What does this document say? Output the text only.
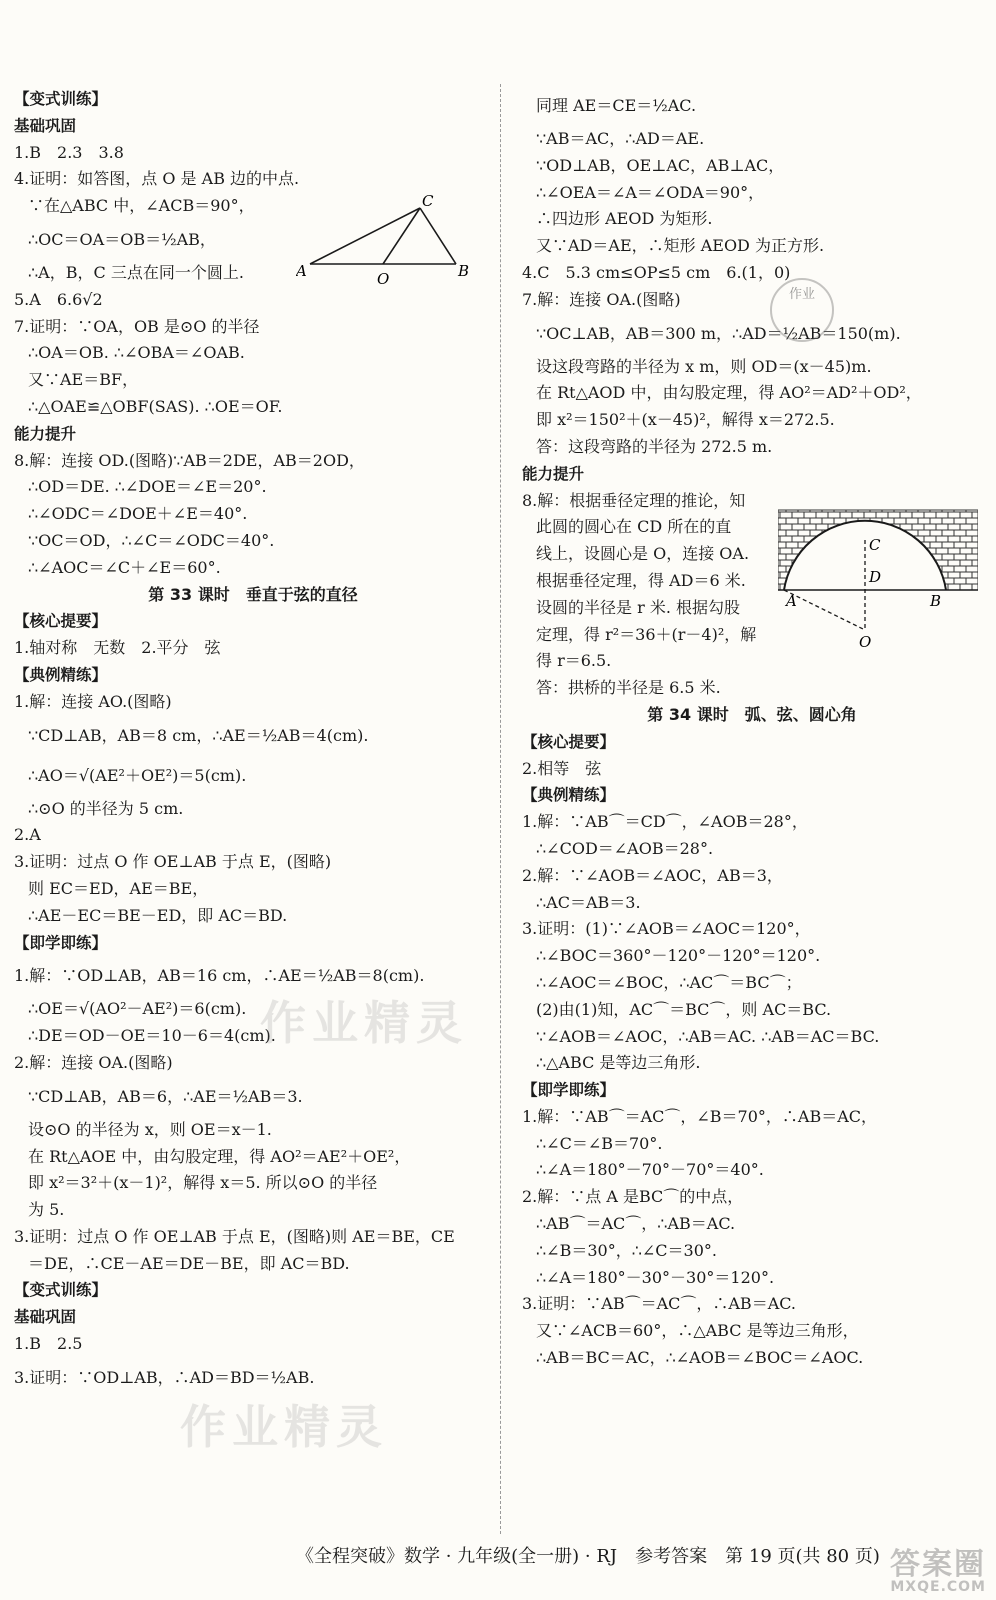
【变式训练】
基础巩固
1.B　2.3　3.8
4.证明：如答图，点 O 是 AB 边的中点.
∵在△ABC 中，∠ACB＝90°，
∴OC＝OA＝OB＝½AB，
∴A，B，C 三点在同一个圆上.
5.A　6.6√2
7.证明：∵OA，OB 是⊙O 的半径
∴OA＝OB. ∴∠OBA＝∠OAB.
又∵AE＝BF，
∴△OAE≌△OBF(SAS). ∴OE＝OF.
能力提升
8.解：连接 OD.(图略)∵AB＝2DE，AB＝2OD，
∴OD＝DE. ∴∠DOE＝∠E＝20°.
∴∠ODC＝∠DOE＋∠E＝40°.
∵OC＝OD，∴∠C＝∠ODC＝40°.
∴∠AOC＝∠C＋∠E＝60°.
第 33 课时　垂直于弦的直径
【核心提要】
1.轴对称　无数　2.平分　弦
【典例精练】
1.解：连接 AO.(图略)
∵CD⊥AB，AB＝8 cm，∴AE＝½AB＝4(cm).
∴AO＝√(AE²＋OE²)＝5(cm).
∴⊙O 的半径为 5 cm.
2.A
3.证明：过点 O 作 OE⊥AB 于点 E，(图略)
则 EC＝ED，AE＝BE，
∴AE－EC＝BE－ED，即 AC＝BD.
【即学即练】
1.解：∵OD⊥AB，AB＝16 cm，∴AE＝½AB＝8(cm).
∴OE＝√(AO²－AE²)＝6(cm).
∴DE＝OD－OE＝10－6＝4(cm).
2.解：连接 OA.(图略)
∵CD⊥AB，AB＝6，∴AE＝½AB＝3.
设⊙O 的半径为 x，则 OE＝x－1.
在 Rt△AOE 中，由勾股定理，得 AO²＝AE²＋OE²，
即 x²＝3²＋(x－1)²，解得 x＝5. 所以⊙O 的半径
为 5.
3.证明：过点 O 作 OE⊥AB 于点 E，(图略)则 AE＝BE，CE
＝DE，∴CE－AE＝DE－BE，即 AC＝BD.
【变式训练】
基础巩固
1.B　2.5
3.证明：∵OD⊥AB，∴AD＝BD＝½AB.
同理 AE＝CE＝½AC.
∵AB＝AC，∴AD＝AE.
∵OD⊥AB，OE⊥AC，AB⊥AC，
∴∠OEA＝∠A＝∠ODA＝90°，
∴四边形 AEOD 为矩形.
又∵AD＝AE，∴矩形 AEOD 为正方形.
4.C　5.3 cm≤OP≤5 cm　6.(1，0)
7.解：连接 OA.(图略)
∵OC⊥AB，AB＝300 m，∴AD＝½AB＝150(m).
设这段弯路的半径为 x m，则 OD＝(x－45)m.
在 Rt△AOD 中，由勾股定理，得 AO²＝AD²＋OD²，
即 x²＝150²＋(x－45)²，解得 x＝272.5.
答：这段弯路的半径为 272.5 m.
能力提升
8.解：根据垂径定理的推论，知
此圆的圆心在 CD 所在的直
线上，设圆心是 O，连接 OA.
根据垂径定理，得 AD＝6 米.
设圆的半径是 r 米. 根据勾股
定理，得 r²＝36＋(r－4)²，解
得 r＝6.5.
答：拱桥的半径是 6.5 米.
第 34 课时　弧、弦、圆心角
【核心提要】
2.相等　弦
【典例精练】
1.解：∵AB⌒＝CD⌒，∠AOB＝28°，
∴∠COD＝∠AOB＝28°.
2.解：∵∠AOB＝∠AOC，AB＝3，
∴AC＝AB＝3.
3.证明：(1)∵∠AOB＝∠AOC＝120°，
∴∠BOC＝360°－120°－120°＝120°.
∴∠AOC＝∠BOC，∴AC⌒＝BC⌒；
(2)由(1)知，AC⌒＝BC⌒，则 AC＝BC.
∵∠AOB＝∠AOC，∴AB＝AC. ∴AB＝AC＝BC.
∴△ABC 是等边三角形.
【即学即练】
1.解：∵AB⌒＝AC⌒，∠B＝70°，∴AB＝AC，
∴∠C＝∠B＝70°.
∴∠A＝180°－70°－70°＝40°.
2.解：∵点 A 是BC⌒的中点，
∴AB⌒＝AC⌒，∴AB＝AC.
∴∠B＝30°，∴∠C＝30°.
∴∠A＝180°－30°－30°＝120°.
3.证明：∵AB⌒＝AC⌒，∴AB＝AC.
又∵∠ACB＝60°，∴△ABC 是等边三角形，
∴AB＝BC＝AC，∴∠AOB＝∠BOC＝∠AOC.
A	B
C
O
C
D
A	B
O
作业精灵
作业精灵
作业
《全程突破》数学 · 九年级(全一册) · RJ　参考答案　第 19 页(共 80 页) 答案圈
MXQE.COM
